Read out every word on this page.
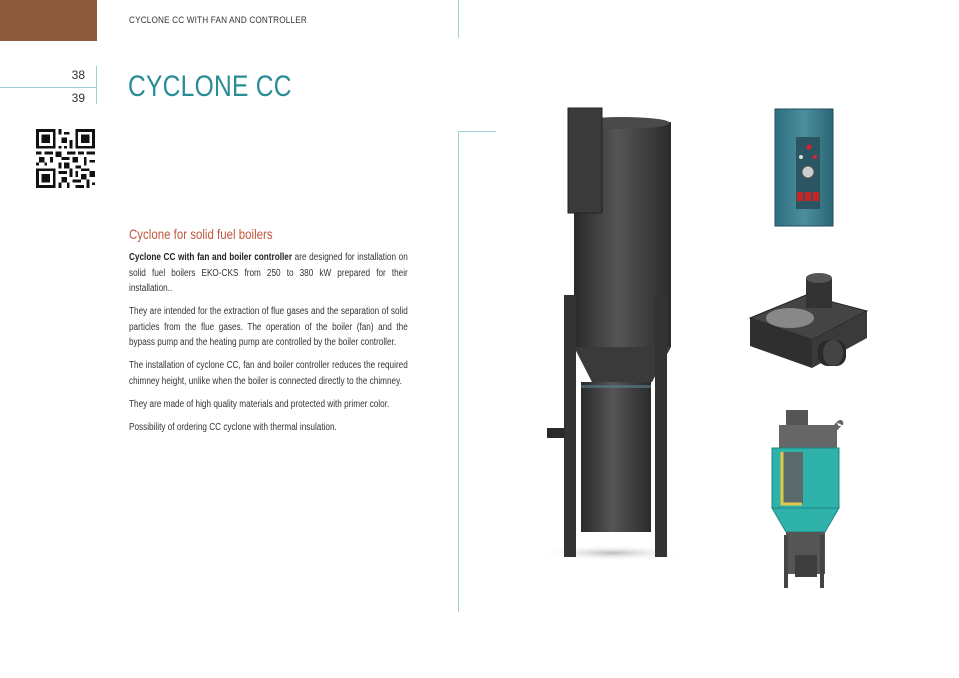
CYCLONE CC WITH FAN AND CONTROLLER
38
39 CYCLONE CC
Cyclone for solid fuel boilers

Cyclone CC with fan and boiler controller are designed for installation on solid fuel boilers EKO-CKS from 250 to 380 kW prepared for their installation..

They are intended for the extraction of flue gases and the separation of solid particles from the flue gases. The operation of the boiler (fan) and the bypass pump and the heating pump are controlled by the boiler controller.

The installation of cyclone CC, fan and boiler controller reduces the required chimney height, unlike when the boiler is connected directly to the chimney.

They are made of high quality materials and protected with primer color.

Possibility of ordering CC cyclone with thermal insulation.
